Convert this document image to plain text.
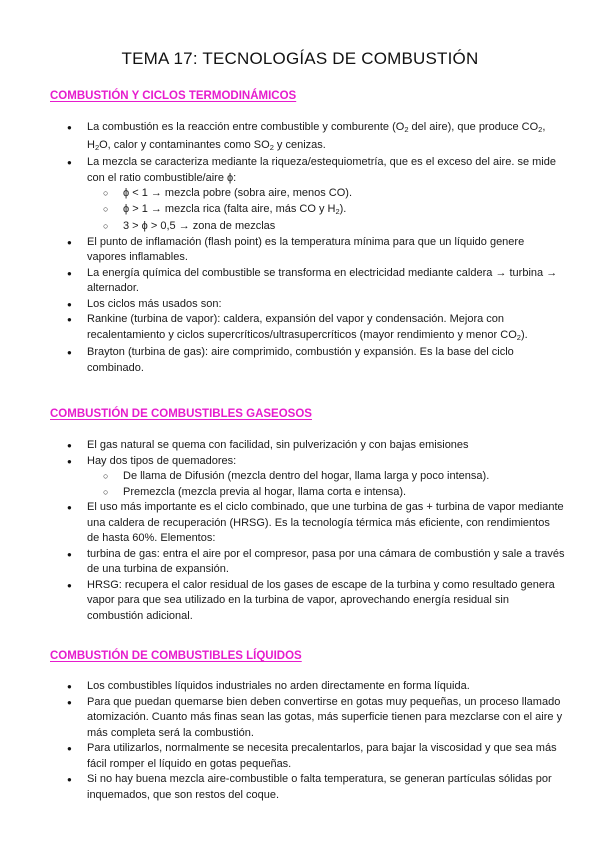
TEMA 17: TECNOLOGÍAS DE COMBUSTIÓN
COMBUSTIÓN Y CICLOS TERMODINÁMICOS
● La combustión es la reacción entre combustible y comburente ($O_2$ del aire), que produce $CO_2$, $H_2O$, calor y contaminantes como $SO_2$ y cenizas.
● La mezcla se caracteriza mediante la riqueza/estequiometría, que es el exceso del aire. se mide con el ratio combustible/aire ϕ:
○ ϕ < 1 → mezcla pobre (sobra aire, menos CO).
○ ϕ > 1 → mezcla rica (falta aire, más CO y $H_2$).
○ 3 > ϕ > 0,5 → zona de mezclas
● El punto de inflamación (flash point) es la temperatura mínima para que un líquido genere vapores inflamables.
● La energía química del combustible se transforma en electricidad mediante caldera → turbina → alternador.
● Los ciclos más usados son:
● Rankine (turbina de vapor): caldera, expansión del vapor y condensación. Mejora con recalentamiento y ciclos supercríticos/ultrasupercríticos (mayor rendimiento y menor $CO_2$).
● Brayton (turbina de gas): aire comprimido, combustión y expansión. Es la base del ciclo combinado.
COMBUSTIÓN DE COMBUSTIBLES GASEOSOS
● El gas natural se quema con facilidad, sin pulverización y con bajas emisiones
● Hay dos tipos de quemadores:
○ De llama de Difusión (mezcla dentro del hogar, llama larga y poco intensa).
○ Premezcla (mezcla previa al hogar, llama corta e intensa).
● El uso más importante es el ciclo combinado, que une turbina de gas + turbina de vapor mediante una caldera de recuperación (HRSG). Es la tecnología térmica más eficiente, con rendimientos de hasta 60%. Elementos:
● turbina de gas: entra el aire por el compresor, pasa por una cámara de combustión y sale a través de una turbina de expansión.
● HRSG: recupera el calor residual de los gases de escape de la turbina y como resultado genera vapor para que sea utilizado en la turbina de vapor, aprovechando energía residual sin combustión adicional.
COMBUSTIÓN DE COMBUSTIBLES LÍQUIDOS
● Los combustibles líquidos industriales no arden directamente en forma líquida.
● Para que puedan quemarse bien deben convertirse en gotas muy pequeñas, un proceso llamado atomización. Cuanto más finas sean las gotas, más superficie tienen para mezclarse con el aire y más completa será la combustión.
● Para utilizarlos, normalmente se necesita precalentarlos, para bajar la viscosidad y que sea más fácil romper el líquido en gotas pequeñas.
● Si no hay buena mezcla aire-combustible o falta temperatura, se generan partículas sólidas por inquemados, que son restos del coque.
